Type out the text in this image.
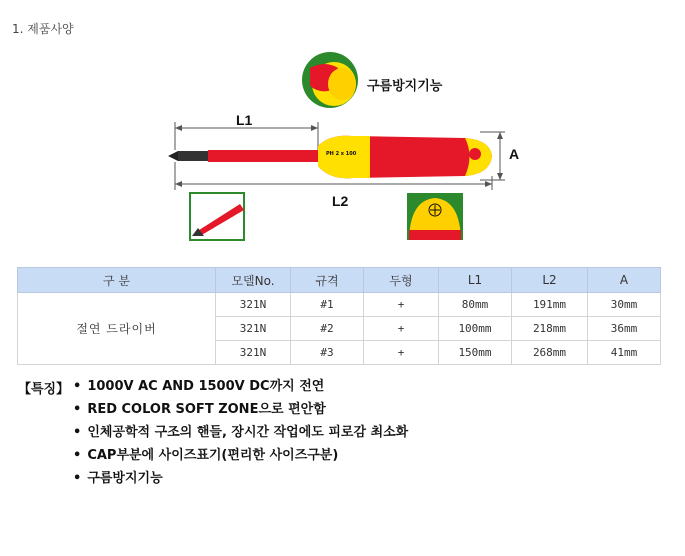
1. 제품사양
PH 2 x 100
구름방지기능
L1
A
L2
구 분	모델No.	규격	두형	L1	L2	A
절연 드라이버	321N	#1	+	80mm	191mm	30mm
	321N	#2	+	100mm	218mm	36mm
	321N	#3	+	150mm	268mm	41mm
【특징】	• 1000V AC AND 1500V DC까지 전연
• RED COLOR SOFT ZONE으로 편안함
• 인체공학적 구조의 핸들, 장시간 작업에도 피로감 최소화
• CAP부분에 사이즈표기(편리한 사이즈구분)
• 구름방지기능
